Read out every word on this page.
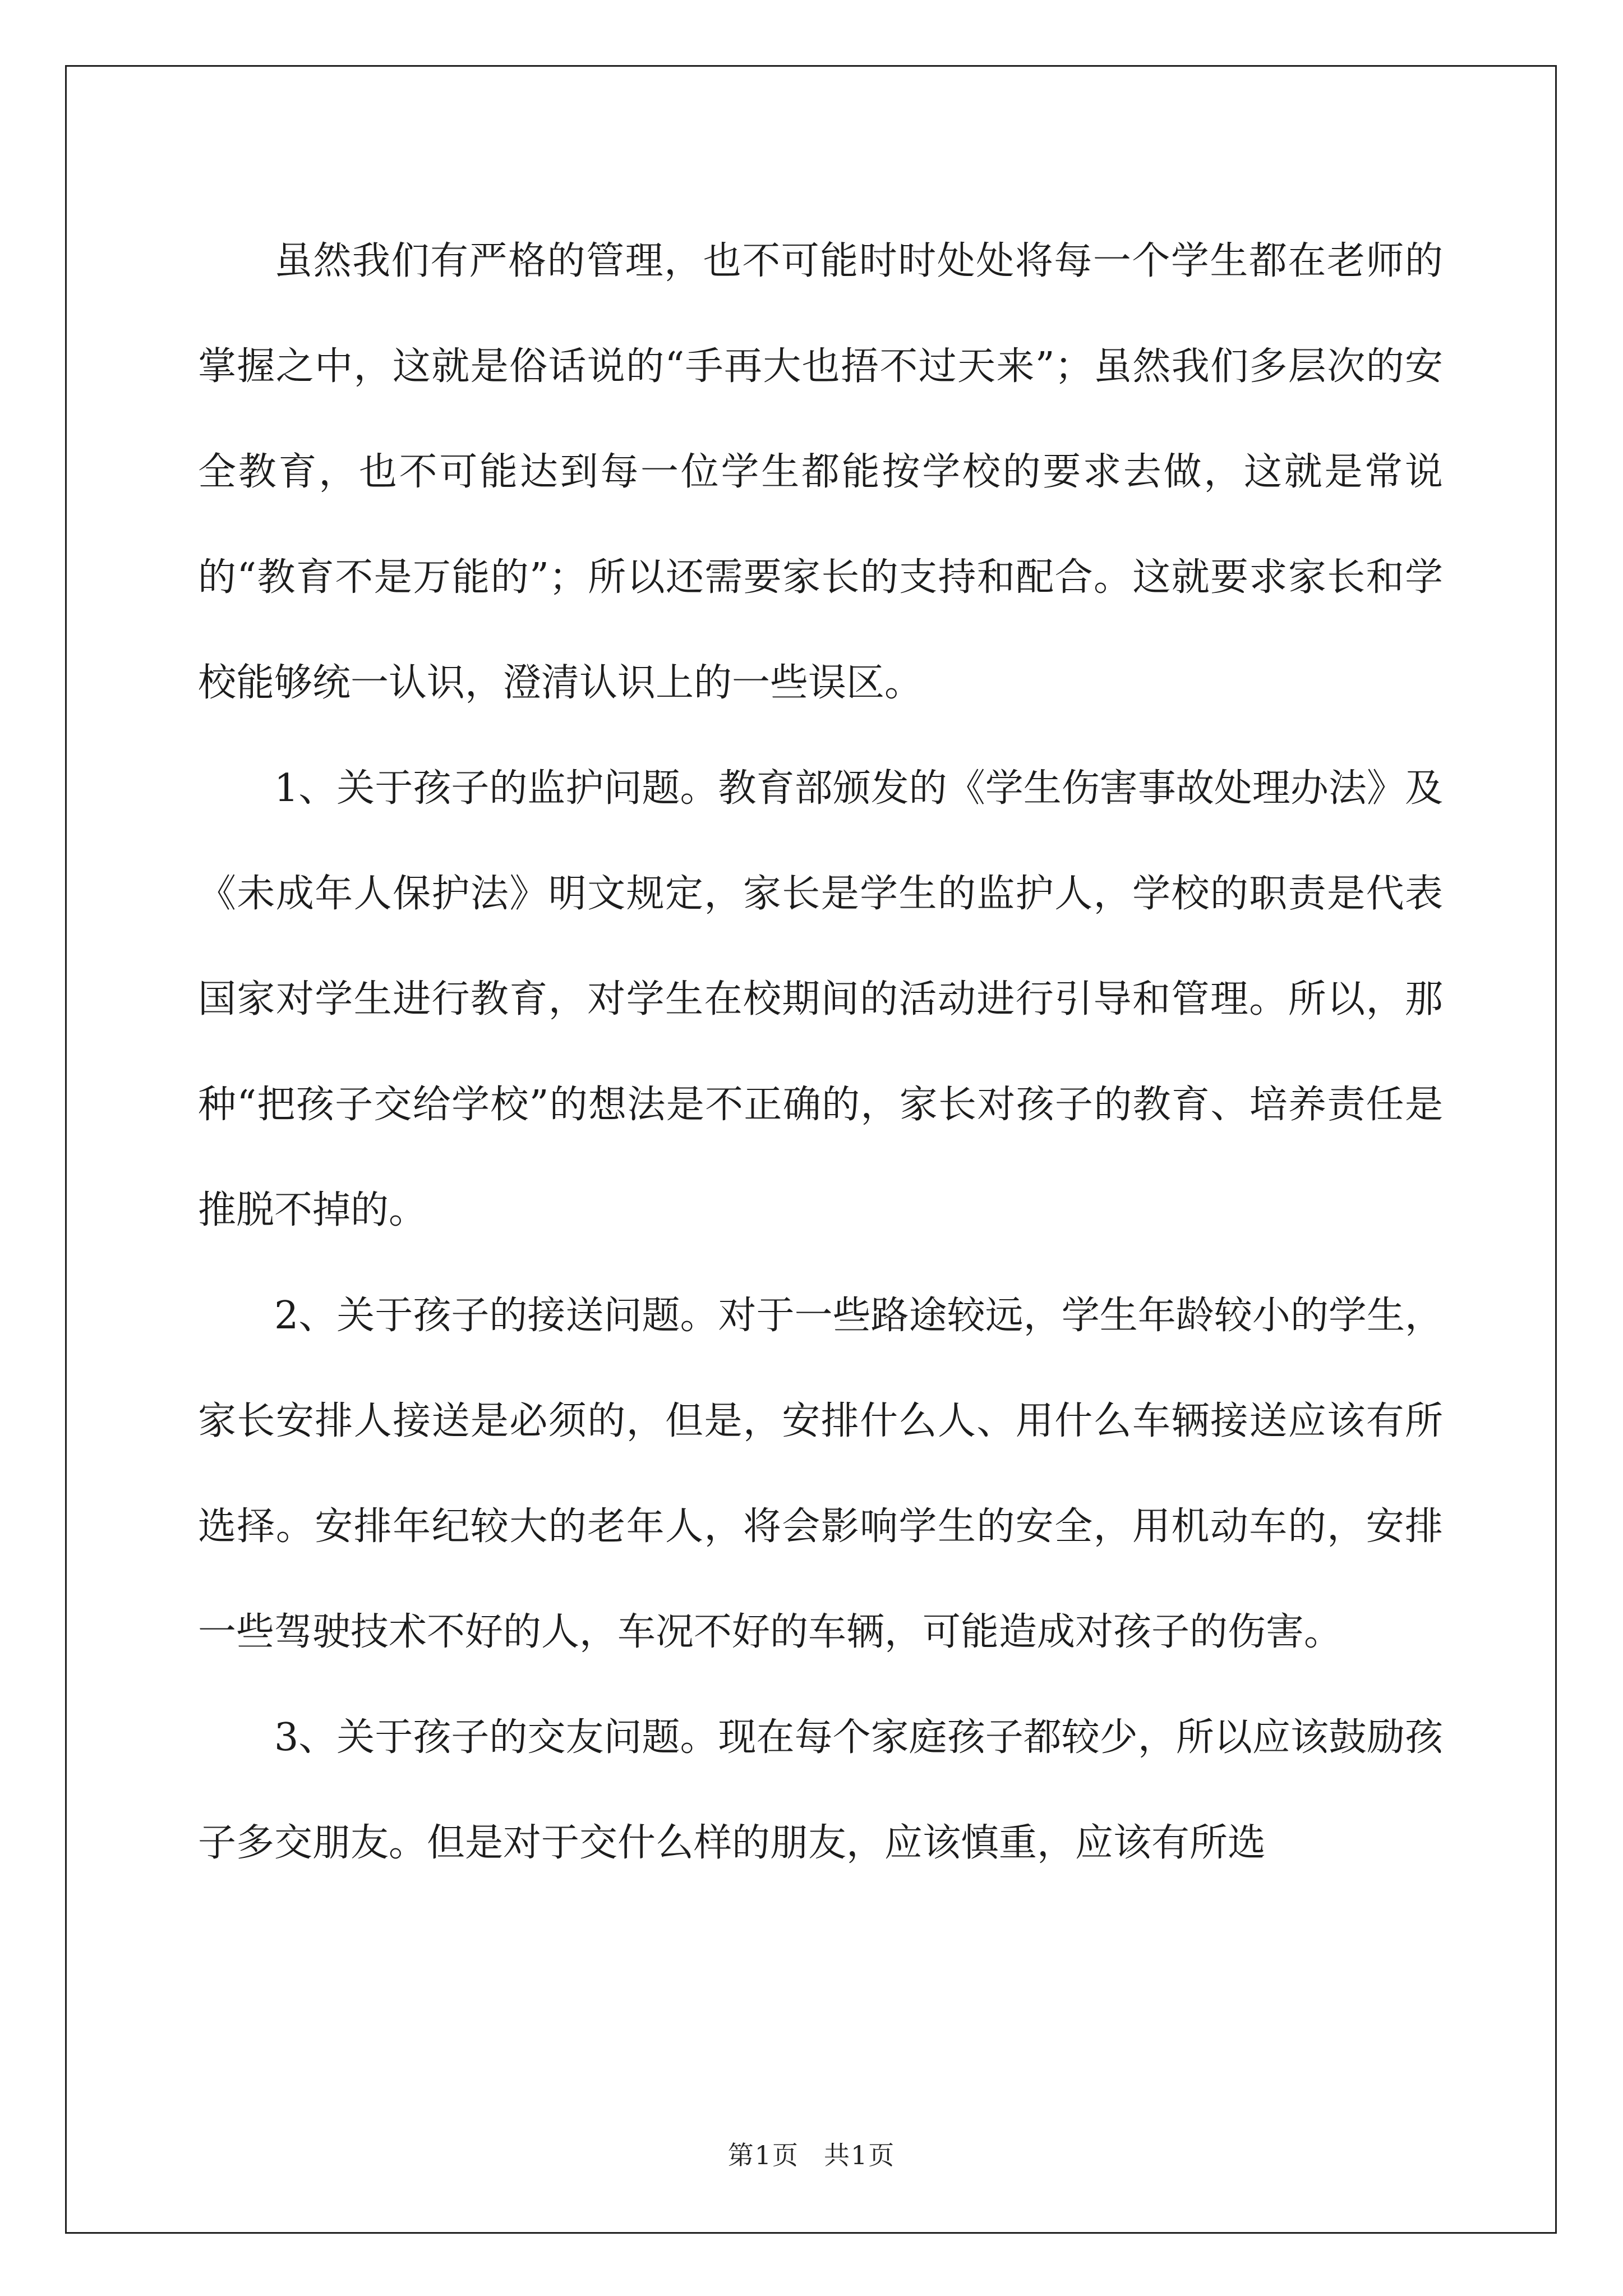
虽然我们有严格的管理，也不可能时时处处将每一个学生都在老师的掌握之中，这就是俗话说的“手再大也捂不过天来”；虽然我们多层次的安全教育，也不可能达到每一位学生都能按学校的要求去做，这就是常说的“教育不是万能的”；所以还需要家长的支持和配合。这就要求家长和学校能够统一认识，澄清认识上的一些误区。

1、关于孩子的监护问题。教育部颁发的《学生伤害事故处理办法》及《未成年人保护法》明文规定，家长是学生的监护人，学校的职责是代表国家对学生进行教育，对学生在校期间的活动进行引导和管理。所以，那种“把孩子交给学校”的想法是不正确的，家长对孩子的教育、培养责任是推脱不掉的。

2、关于孩子的接送问题。对于一些路途较远，学生年龄较小的学生，家长安排人接送是必须的，但是，安排什么人、用什么车辆接送应该有所选择。安排年纪较大的老年人，将会影响学生的安全，用机动车的，安排一些驾驶技术不好的人，车况不好的车辆，可能造成对孩子的伤害。

3、关于孩子的交友问题。现在每个家庭孩子都较少，所以应该鼓励孩子多交朋友。但是对于交什么样的朋友，应该慎重，应该有所选

第1页 共1页
